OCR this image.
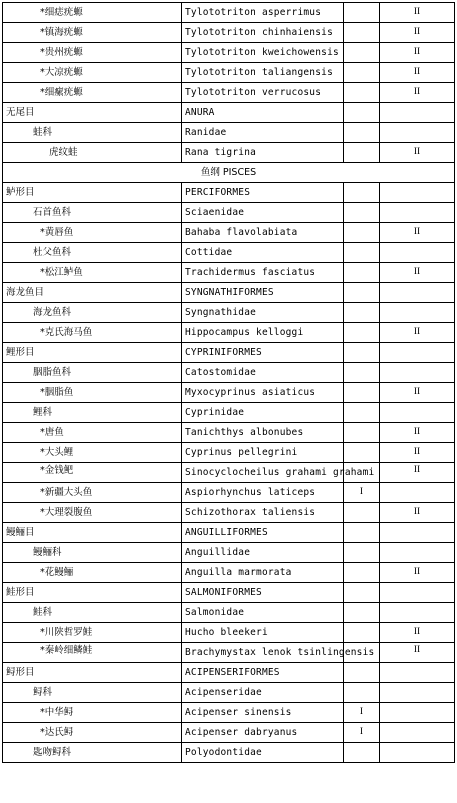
*细痣疣螈	Tylototriton asperrimus		II
*镇海疣螈	Tylototriton chinhaiensis		II
*贵州疣螈	Tylototriton kweichowensis		II
*大凉疣螈	Tylototriton taliangensis		II
*细瘰疣螈	Tylototriton verrucosus		II
无尾目	ANURA		
蛙科	Ranidae		
虎纹蛙	Rana tigrina		II
鱼纲 PISCES			
鲈形目	PERCIFORMES		
石首鱼科	Sciaenidae		
*黄唇鱼	Bahaba flavolabiata		II
杜父鱼科	Cottidae		
*松江鲈鱼	Trachidermus fasciatus		II
海龙鱼目	SYNGNATHIFORMES		
海龙鱼科	Syngnathidae		
*克氏海马鱼	Hippocampus kelloggi		II
鲤形目	CYPRINIFORMES		
胭脂鱼科	Catostomidae		
*胭脂鱼	Myxocyprinus asiaticus		II
鲤科	Cyprinidae		
*唐鱼	Tanichthys albonubes		II
*大头鲤	Cyprinus pellegrini		II
*金钱鲃	Sinocyclocheilus grahami grahami		II
*新疆大头鱼	Aspiorhynchus laticeps	I	
*大理裂腹鱼	Schizothorax taliensis		II
鳗鲡目	ANGUILLIFORMES		
鳗鲡科	Anguillidae		
*花鳗鲡	Anguilla marmorata		II
鲑形目	SALMONIFORMES		
鲑科	Salmonidae		
*川陕哲罗鲑	Hucho bleekeri		II
*秦岭细鳞鲑	Brachymystax lenok tsinlingensis		II
鲟形目	ACIPENSERIFORMES		
鲟科	Acipenseridae		
*中华鲟	Acipenser sinensis	I	
*达氏鲟	Acipenser dabryanus	I	
匙吻鲟科	Polyodontidae		
